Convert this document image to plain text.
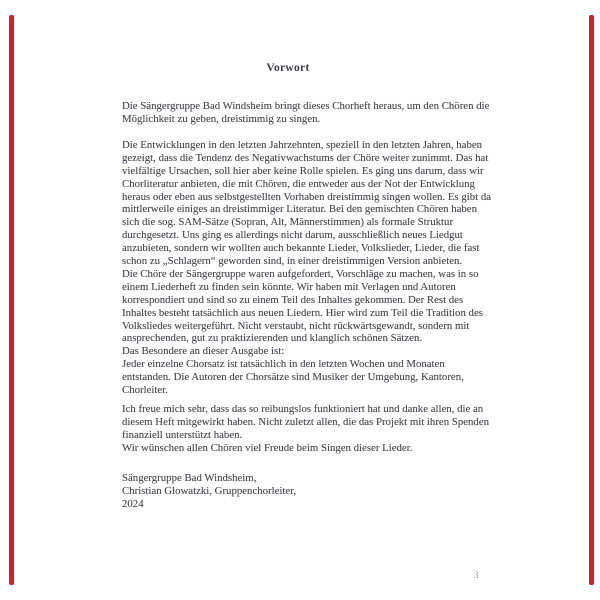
Vorwort
Die Sängergruppe Bad Windsheim bringt dieses Chorheft heraus, um den Chören die
Möglichkeit zu geben, dreistimmig zu singen.
Die Entwicklungen in den letzten Jahrzehnten, speziell in den letzten Jahren, haben
gezeigt, dass die Tendenz des Negativwachstums der Chöre weiter zunimmt. Das hat
vielfältige Ursachen, soll hier aber keine Rolle spielen. Es ging uns darum, dass wir
Chorliteratur anbieten, die mit Chören, die entweder aus der Not der Entwicklung
heraus oder eben aus selbstgestellten Vorhaben dreistimmig singen wollen. Es gibt da
mittlerweile einiges an dreistimmiger Literatur. Bei den gemischten Chören haben
sich die sog. SAM-Sätze (Sopran, Alt, Männerstimmen) als formale Struktur
durchgesetzt. Uns ging es allerdings nicht darum, ausschließlich neues Liedgut
anzubieten, sondern wir wollten auch bekannte Lieder, Volkslieder, Lieder, die fast
schon zu „Schlagern“ geworden sind, in einer dreistimmigen Version anbieten.
Die Chöre der Sängergruppe waren aufgefordert, Vorschläge zu machen, was in so
einem Liederheft zu finden sein könnte. Wir haben mit Verlagen und Autoren
korrespondiert und sind so zu einem Teil des Inhaltes gekommen. Der Rest des
Inhaltes besteht tatsächlich aus neuen Liedern. Hier wird zum Teil die Tradition des
Volksliedes weitergeführt. Nicht verstaubt, nicht rückwärtsgewandt, sondern mit
ansprechenden, gut zu praktizierenden und klanglich schönen Sätzen.
Das Besondere an dieser Ausgabe ist:
Jeder einzelne Chorsatz ist tatsächlich in den letzten Wochen und Monaten
entstanden. Die Autoren der Chorsätze sind Musiker der Umgebung, Kantoren,
Chorleiter.
Ich freue mich sehr, dass das so reibungslos funktioniert hat und danke allen, die an
diesem Heft mitgewirkt haben. Nicht zuletzt allen, die das Projekt mit ihren Spenden
finanziell unterstützt haben.
Wir wünschen allen Chören viel Freude beim Singen dieser Lieder.
Sängergruppe Bad Windsheim,
Christian Glowatzki, Gruppenchorleiter,
2024
3
